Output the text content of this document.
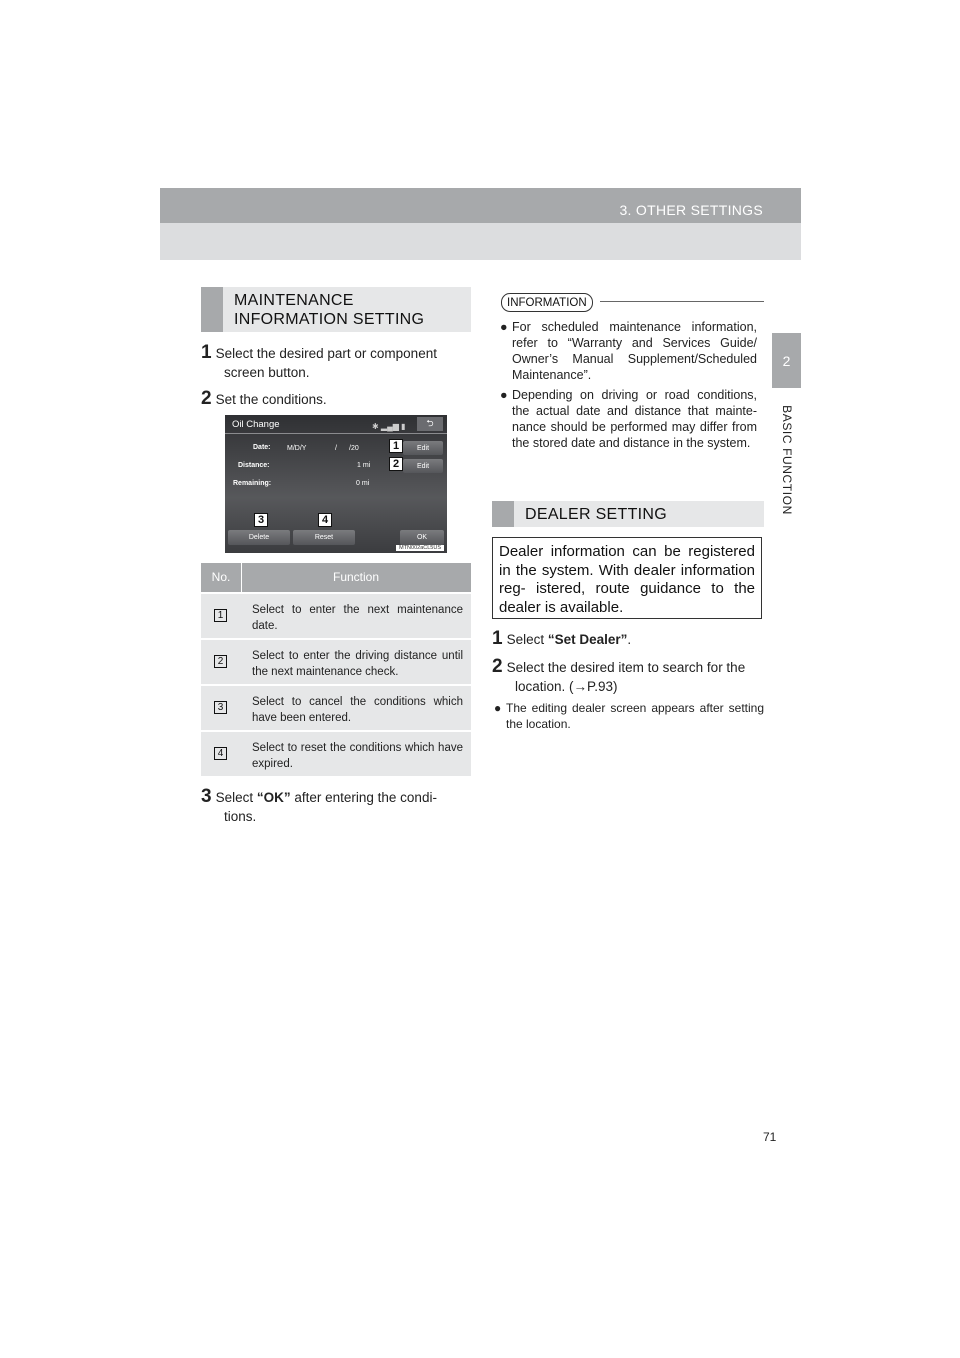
3. OTHER SETTINGS
2
BASIC FUNCTION
MAINTENANCE
INFORMATION SETTING
1 Select the desired part or component
screen button.
2 Set the conditions.
Oil Change	✱ ▂▄▆ ▮	⮌
Date: M/D/Y	/ /20	Edit
Distance:	1 mi	Edit
Remaining:	0 mi
Delete	Reset	OK
1
2
3	4
MTN002aCL5US
No.	Function
1	Select to enter the next maintenance date.
2	Select to enter the driving distance until the next maintenance check.
3	Select to cancel the conditions which have been entered.
4	Select to reset the conditions which have expired.
3 Select “OK” after entering the condi-
tions.
INFORMATION
● For scheduled maintenance information, refer to “Warranty and Services Guide/ Owner’s Manual Supplement/Scheduled Maintenance”.
● Depending on driving or road conditions, the actual date and distance that mainte- nance should be performed may differ from the stored date and distance in the system.
DEALER SETTING
Dealer information can be registered in the system. With dealer information reg- istered, route guidance to the dealer is available.
1 Select “Set Dealer”.
2 Select the desired item to search for the
location. (→P.93)
● The editing dealer screen appears after setting the location.
71
